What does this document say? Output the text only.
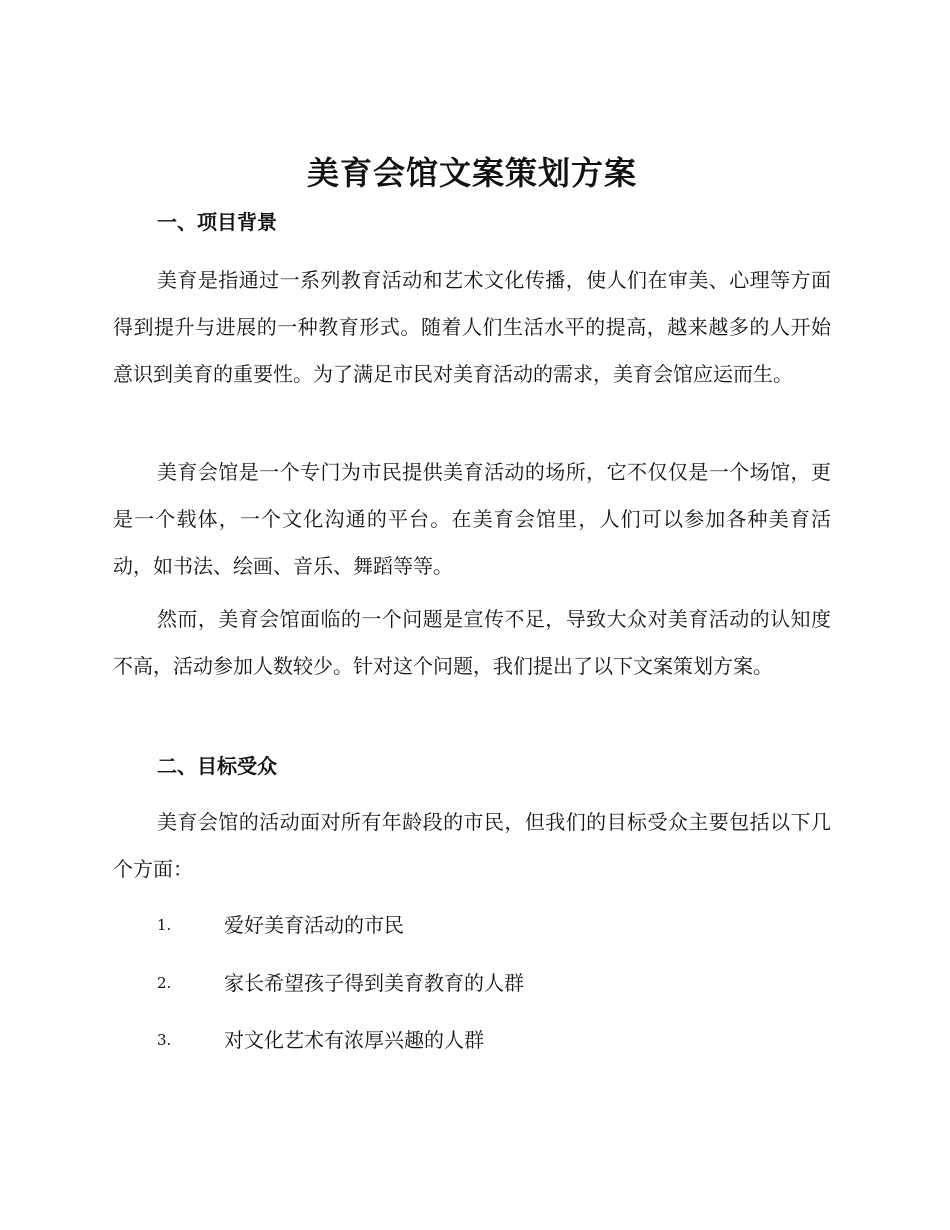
美育会馆文案策划方案
一、项目背景

美育是指通过一系列教育活动和艺术文化传播，使人们在审美、心理等方面得到提升与进展的一种教育形式。随着人们生活水平的提高，越来越多的人开始意识到美育的重要性。为了满足市民对美育活动的需求，美育会馆应运而生。

美育会馆是一个专门为市民提供美育活动的场所，它不仅仅是一个场馆，更是一个载体，一个文化沟通的平台。在美育会馆里，人们可以参加各种美育活动，如书法、绘画、音乐、舞蹈等等。

然而，美育会馆面临的一个问题是宣传不足，导致大众对美育活动的认知度不高，活动参加人数较少。针对这个问题，我们提出了以下文案策划方案。

二、目标受众

美育会馆的活动面对所有年龄段的市民，但我们的目标受众主要包括以下几个方面：

1.	爱好美育活动的市民
2.	家长希望孩子得到美育教育的人群
3.	对文化艺术有浓厚兴趣的人群
